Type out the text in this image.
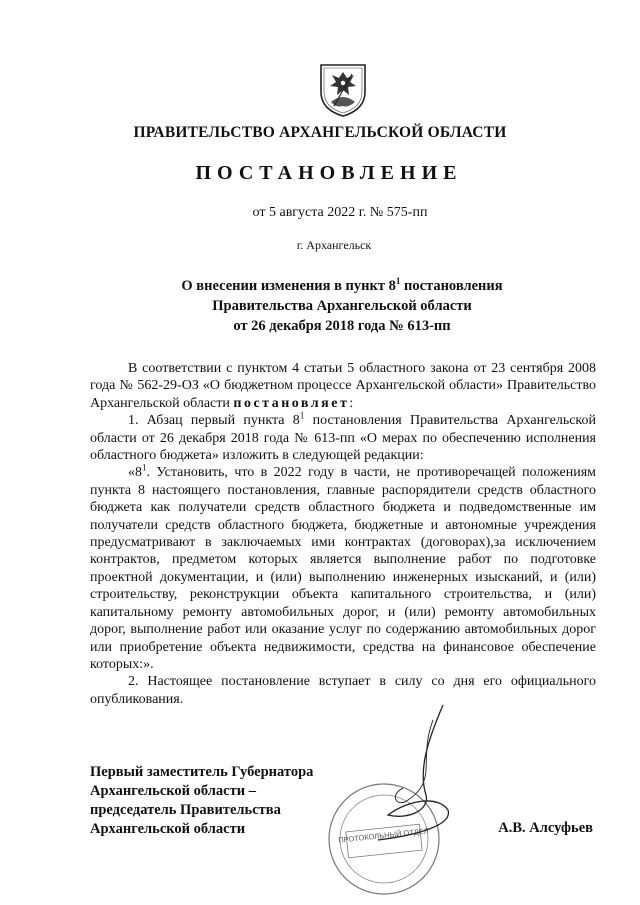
ПРАВИТЕЛЬСТВО АРХАНГЕЛЬСКОЙ ОБЛАСТИ
ПОСТАНОВЛЕНИЕ
от 5 августа 2022 г. № 575-пп
г. Архангельск
О внесении изменения в пункт $8^1$ постановления
Правительства Архангельской области
от 26 декабря 2018 года № 613-пп

В соответствии с пунктом 4 статьи 5 областного закона от 23 сентября 2008 года № 562-29-ОЗ «О бюджетном процессе Архангельской области» Правительство Архангельской области постановляет:

1. Абзац первый пункта $8^1$ постановления Правительства Архангельской области от 26 декабря 2018 года № 613-пп «О мерах по обеспечению исполнения областного бюджета» изложить в следующей редакции:

«$8^1$. Установить, что в 2022 году в части, не противоречащей положениям пункта 8 настоящего постановления, главные распорядители средств областного бюджета как получатели средств областного бюджета и подведомственные им получатели средств областного бюджета, бюджетные и автономные учреждения предусматривают в заключаемых ими контрактах (договорах),за исключением контрактов, предметом которых является выполнение работ по подготовке проектной документации, и (или) выполнению инженерных изысканий, и (или) строительству, реконструкции объекта капитального строительства, и (или) капитальному ремонту автомобильных дорог, и (или) ремонту автомобильных дорог, выполнение работ или оказание услуг по содержанию автомобильных дорог или приобретение объекта недвижимости, средства на финансовое обеспечение которых:».

2. Настоящее постановление вступает в силу со дня его официального опубликования.

ПРОТОКОЛЬНЫЙ ОТДЕЛ
Первый заместитель Губернатора
Архангельской области –
председатель Правительства
Архангельской области	А.В. Алсуфьев
